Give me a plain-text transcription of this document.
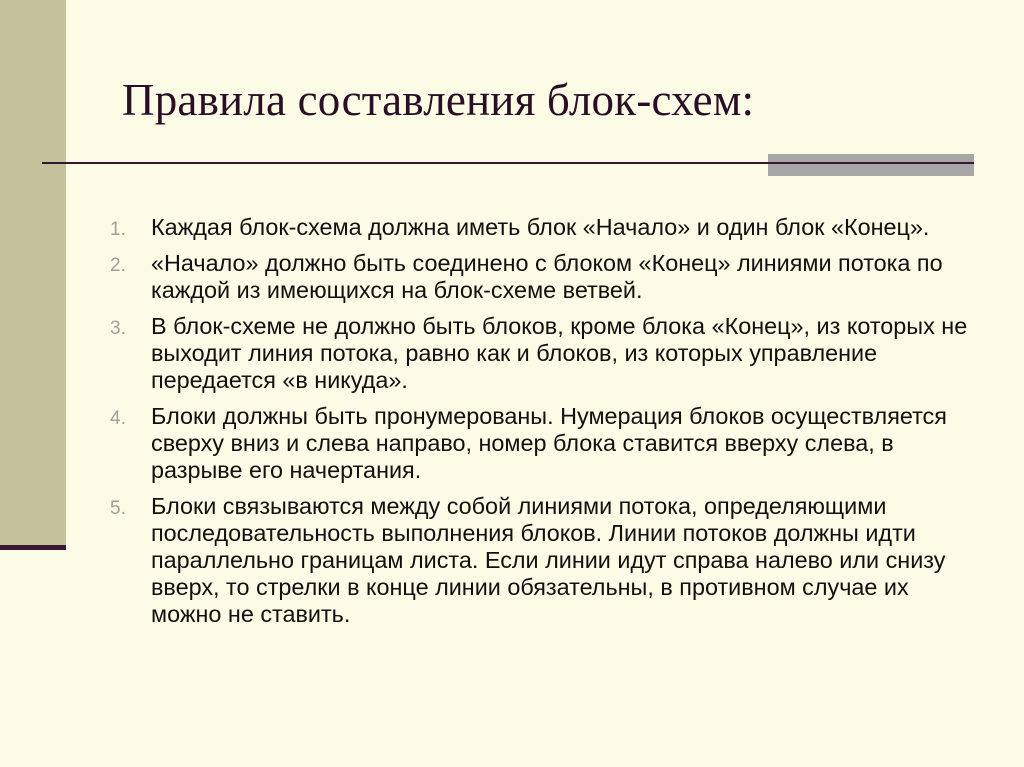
Правила составления блок-схем:
1. Каждая блок-схема должна иметь блок «Начало» и один блок «Конец».
2. «Начало» должно быть соединено с блоком «Конец» линиями потока по каждой из имеющихся на блок-схеме ветвей.
3. В блок-схеме не должно быть блоков, кроме блока «Конец», из которых не выходит линия потока, равно как и блоков, из которых управление передается «в никуда».
4. Блоки должны быть пронумерованы. Нумерация блоков осуществляется сверху вниз и слева направо, номер блока ставится вверху слева, в разрыве его начертания.
5. Блоки связываются между собой линиями потока, определяющими последовательность выполнения блоков. Линии потоков должны идти параллельно границам листа. Если линии идут справа налево или снизу вверх, то стрелки в конце линии обязательны, в противном случае их можно не ставить.
